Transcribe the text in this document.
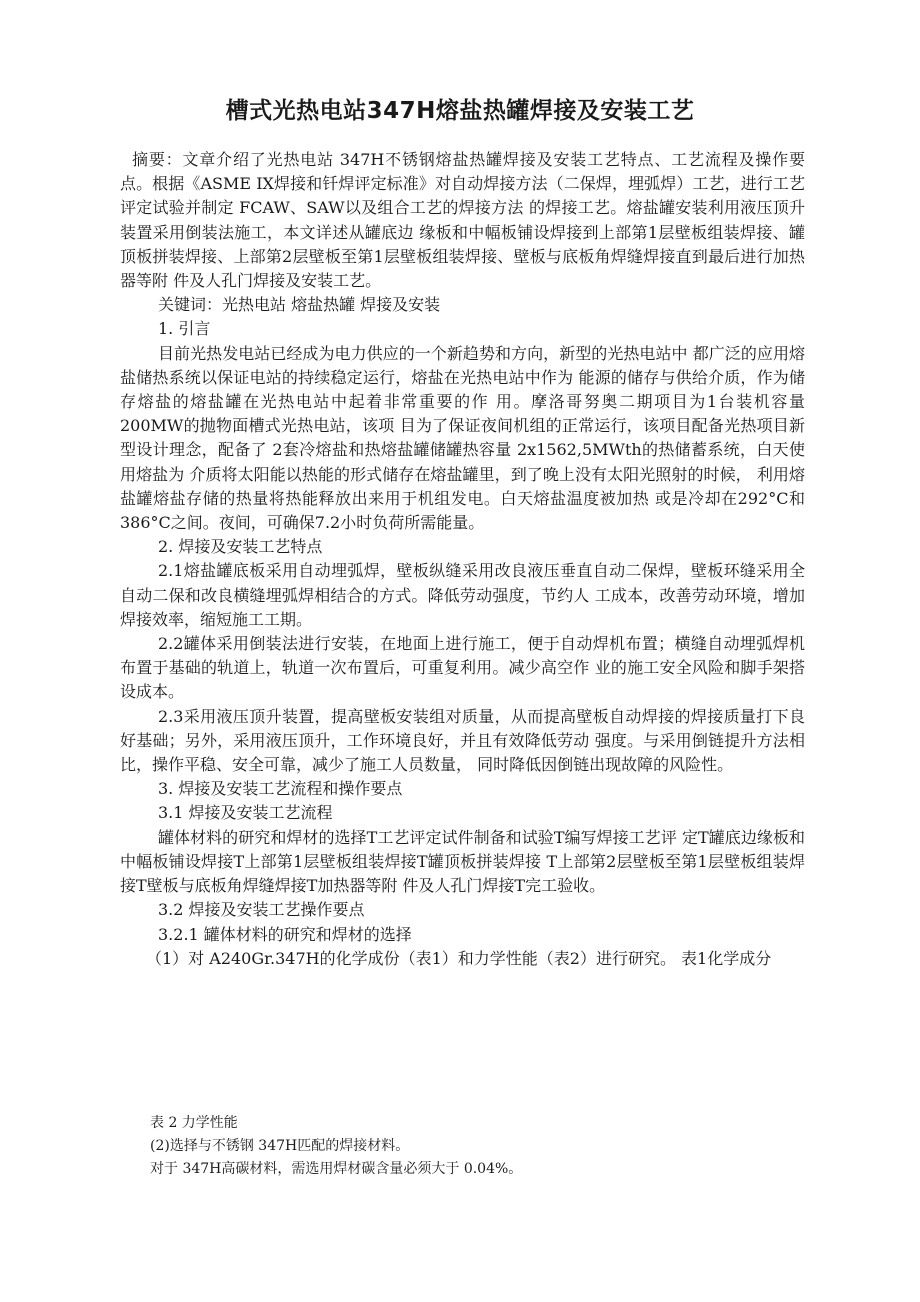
槽式光热电站347H熔盐热罐焊接及安装工艺

摘要：文章介绍了光热电站 347H不锈钢熔盐热罐焊接及安装工艺特点、工艺流程及操作要点。根据《ASME IX焊接和钎焊评定标准》对自动焊接方法（二保焊，埋弧焊）工艺，进行工艺评定试验并制定 FCAW、SAW以及组合工艺的焊接方法 的焊接工艺。熔盐罐安装利用液压顶升装置采用倒装法施工，本文详述从罐底边 缘板和中幅板铺设焊接到上部第1层壁板组装焊接、罐顶板拼装焊接、上部第2层壁板至第1层壁板组装焊接、壁板与底板角焊缝焊接直到最后进行加热器等附 件及人孔门焊接及安装工艺。

关键词：光热电站 熔盐热罐 焊接及安装

1. 引言

目前光热发电站已经成为电力供应的一个新趋势和方向，新型的光热电站中 都广泛的应用熔盐储热系统以保证电站的持续稳定运行，熔盐在光热电站中作为 能源的储存与供给介质，作为储存熔盐的熔盐罐在光热电站中起着非常重要的作 用。摩洛哥努奥二期项目为1台装机容量200MW的抛物面槽式光热电站，该项 目为了保证夜间机组的正常运行，该项目配备光热项目新型设计理念，配备了 2套冷熔盐和热熔盐罐储罐热容量 2x1562,5MWth的热储蓄系统，白天使用熔盐为 介质将太阳能以热能的形式储存在熔盐罐里，到了晚上没有太阳光照射的时候， 利用熔盐罐熔盐存储的热量将热能释放出来用于机组发电。白天熔盐温度被加热 或是冷却在292°C和386°C之间。夜间，可确保7.2小时负荷所需能量。

2. 焊接及安装工艺特点

2.1熔盐罐底板采用自动埋弧焊，壁板纵缝采用改良液压垂直自动二保焊，壁板环缝采用全自动二保和改良横缝埋弧焊相结合的方式。降低劳动强度，节约人 工成本，改善劳动环境，增加焊接效率，缩短施工工期。

2.2罐体采用倒装法进行安装，在地面上进行施工，便于自动焊机布置；横缝自动埋弧焊机布置于基础的轨道上，轨道一次布置后，可重复利用。减少高空作 业的施工安全风险和脚手架搭设成本。

2.3采用液压顶升装置，提高壁板安装组对质量，从而提高壁板自动焊接的焊接质量打下良好基础；另外，采用液压顶升，工作环境良好，并且有效降低劳动 强度。与采用倒链提升方法相比，操作平稳、安全可靠，减少了施工人员数量， 同时降低因倒链出现故障的风险性。

3. 焊接及安装工艺流程和操作要点

3.1 焊接及安装工艺流程

罐体材料的研究和焊材的选择T工艺评定试件制备和试验T编写焊接工艺评 定T罐底边缘板和中幅板铺设焊接T上部第1层壁板组装焊接T罐顶板拼装焊接 T上部第2层壁板至第1层壁板组装焊接T壁板与底板角焊缝焊接T加热器等附 件及人孔门焊接T完工验收。

3.2 焊接及安装工艺操作要点

3.2.1 罐体材料的研究和焊材的选择

（1）对 A240Gr.347H的化学成份（表1）和力学性能（表2）进行研究。 表1化学成分

表 2 力学性能

(2)选择与不锈钢 347H匹配的焊接材料。

对于 347H高碳材料，需选用焊材碳含量必须大于 0.04%。
